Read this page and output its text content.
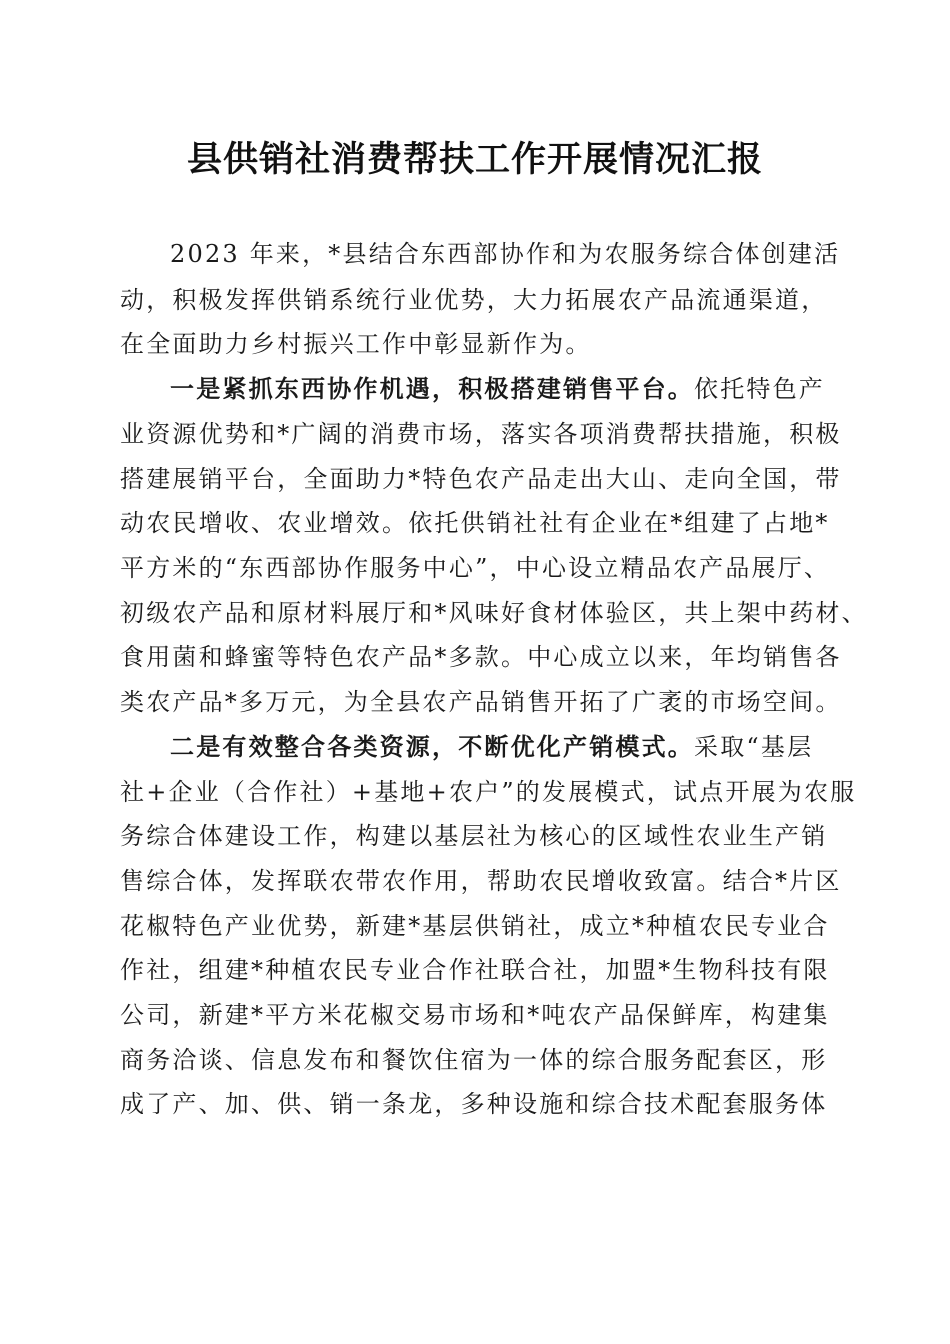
县供销社消费帮扶工作开展情况汇报
2023 年来，*县结合东西部协作和为农服务综合体创建活
动，积极发挥供销系统行业优势，大力拓展农产品流通渠道，
在全面助力乡村振兴工作中彰显新作为。
一是紧抓东西协作机遇，积极搭建销售平台。依托特色产
业资源优势和*广阔的消费市场，落实各项消费帮扶措施，积极
搭建展销平台，全面助力*特色农产品走出大山、走向全国，带
动农民增收、农业增效。依托供销社社有企业在*组建了占地*
平方米的“东西部协作服务中心”，中心设立精品农产品展厅、
初级农产品和原材料展厅和*风味好食材体验区，共上架中药材、
食用菌和蜂蜜等特色农产品*多款。中心成立以来，年均销售各
类农产品*多万元，为全县农产品销售开拓了广袤的市场空间。
二是有效整合各类资源，不断优化产销模式。采取“基层
社+企业（合作社）+基地+农户”的发展模式，试点开展为农服
务综合体建设工作，构建以基层社为核心的区域性农业生产销
售综合体，发挥联农带农作用，帮助农民增收致富。结合*片区
花椒特色产业优势，新建*基层供销社，成立*种植农民专业合
作社，组建*种植农民专业合作社联合社，加盟*生物科技有限
公司，新建*平方米花椒交易市场和*吨农产品保鲜库，构建集
商务洽谈、信息发布和餐饮住宿为一体的综合服务配套区，形
成了产、加、供、销一条龙，多种设施和综合技术配套服务体
